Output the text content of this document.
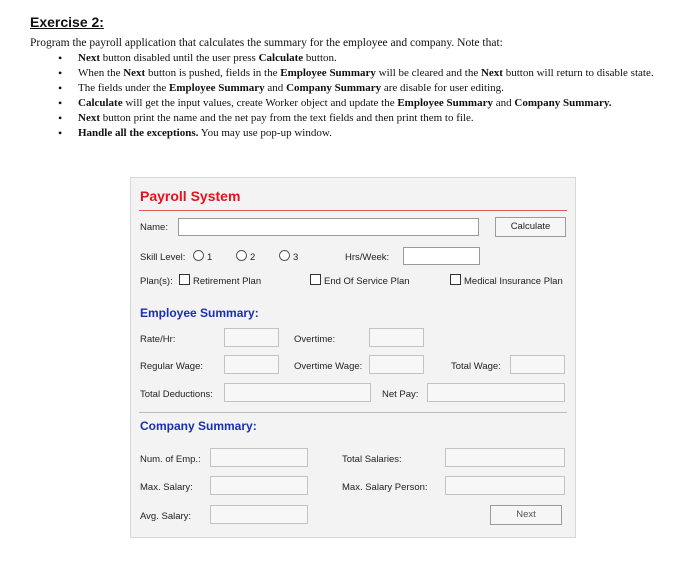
Exercise 2:
Program the payroll application that calculates the summary for the employee and company. Note that:
• Next button disabled until the user press Calculate button.
• When the Next button is pushed, fields in the Employee Summary will be cleared and the Next button will return to disable state.
• The fields under the Employee Summary and Company Summary are disable for user editing.
• Calculate will get the input values, create Worker object and update the Employee Summary and Company Summary.
• Next button print the name and the net pay from the text fields and then print them to file.
• Handle all the exceptions. You may use pop-up window.
Payroll System
Name:	Calculate
Skill Level: 1	2	3	Hrs/Week:
Plan(s): Retirement Plan	End Of Service Plan	Medical Insurance Plan
Employee Summary:
Rate/Hr:	Overtime:
Regular Wage:	Overtime Wage:	Total Wage:
Total Deductions:	Net Pay:
Company Summary:
Num. of Emp.:	Total Salaries:
Max. Salary:	Max. Salary Person:
Avg. Salary:	Next
